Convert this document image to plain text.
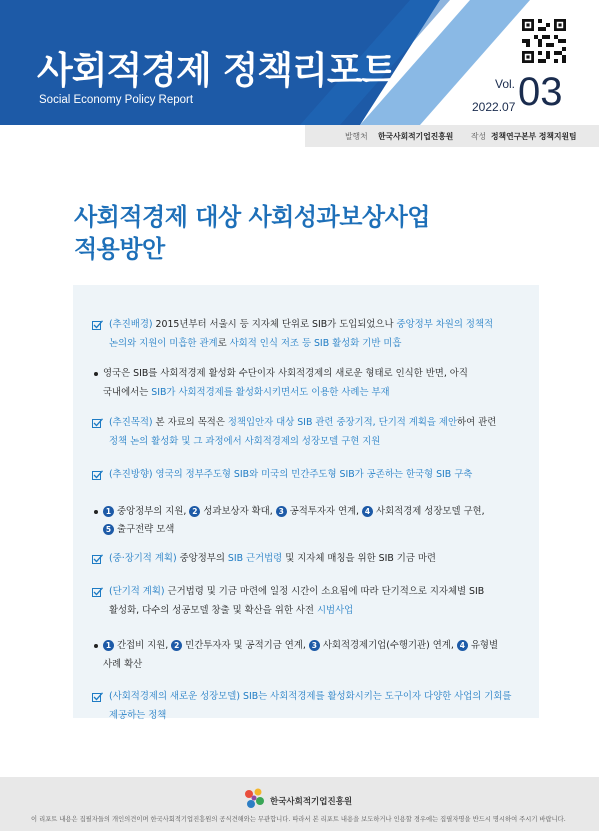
사회적경제 정책리포트
Social Economy Policy Report
Vol. 03
2022.07
발행처 한국사회적기업진흥원 작성 정책연구본부 정책지원팀
사회적경제 대상 사회성과보상사업
적용방안

(추진배경) 2015년부터 서울시 등 지자체 단위로 SIB가 도입되었으나 중앙정부 차원의 정책적

논의와 지원이 미흡한 관계로 사회적 인식 저조 등 SIB 활성화 기반 미흡

영국은 SIB를 사회적경제 활성화 수단이자 사회적경제의 새로운 형태로 인식한 반면, 아직

국내에서는 SIB가 사회적경제를 활성화시키면서도 이용한 사례는 부재

(추진목적) 본 자료의 목적은 정책입안자 대상 SIB 관련 중장기적, 단기적 계획을 제안하여 관련

정책 논의 활성화 및 그 과정에서 사회적경제의 성장모델 구현 지원

(추진방향) 영국의 정부주도형 SIB와 미국의 민간주도형 SIB가 공존하는 한국형 SIB 구축

1 중앙정부의 지원, 2 성과보상자 확대, 3 공적투자자 연계, 4 사회적경제 성장모델 구현,

5 출구전략 모색

(중·장기적 계획) 중앙정부의 SIB 근거법령 및 지자체 매칭을 위한 SIB 기금 마련

(단기적 계획) 근거법령 및 기금 마련에 일정 시간이 소요됨에 따라 단기적으로 지자체별 SIB

활성화, 다수의 성공모델 창출 및 확산을 위한 사전 시범사업

1 간접비 지원, 2 민간투자자 및 공적기금 연계, 3 사회적경제기업(수행기관) 연계, 4 유형별

사례 확산

(사회적경제의 새로운 성장모델) SIB는 사회적경제를 활성화시키는 도구이자 다양한 사업의 기회를

제공하는 정책

한국사회적기업진흥원
이 리포트 내용은 집필자들의 개인의견이며 한국사회적기업진흥원의 공식견해와는 무관합니다. 따라서 본 리포트 내용을 보도하거나 인용할 경우에는 집필자명을 반드시 명시하여 주시기 바랍니다.
